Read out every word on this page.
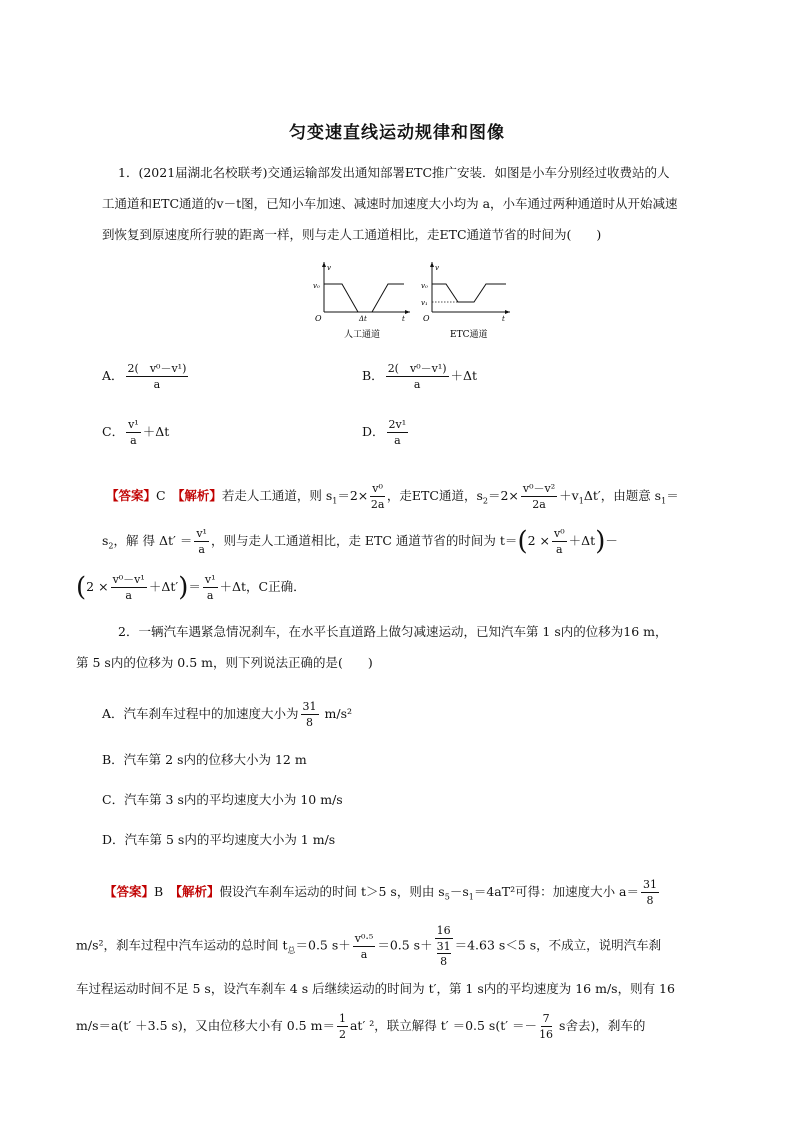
匀变速直线运动规律和图像
1．(2021届湖北名校联考)交通运输部发出通知部署ETC推广安装．如图是小车分别经过收费站的人
工通道和ETC通道的v－t图，已知小车加速、减速时加速度大小均为 a，小车通过两种通道时从开始减速
到恢复到原速度所行驶的距离一样，则与走人工通道相比，走ETC通道节省的时间为(　　)
v
v₀
O	Δt	t
人工通道
v
v₀
v₁
O	t
ETC通道
A． $\frac{\text{2(　v⁰－v¹)}}{a}$	B． $\frac{\text{2(　v⁰－v¹)}}{a} +\Delta t$
C． $\frac{\text{v¹}}{a} +\Delta t$	D． $\frac{\text{2v¹}}{a}$
【答案】C　 【解析】若走人工通道，则 $s_1=2\times \frac{\text{v⁰}}{2a}$ ，走ETC通道，$s_2=2\times \frac{\text{v⁰－v²}}{2a} +v_1\Delta t'$，由题意 $s_1=$
$s_2$，解 得 $\Delta t' = \frac{\text{v¹}}{a}$ ，则与走人工通道相比，走 ETC 通道节省的时间为 $t=(2 \times \frac{\text{v⁰}}{a} +\Delta t)-$
$(2 \times \frac{\text{v⁰－v¹}}{a} +\Delta t')= \frac{\text{v¹}}{a} +\Delta t$，C正确．
2．一辆汽车遇紧急情况刹车，在水平长直道路上做匀减速运动，已知汽车第 1 s内的位移为16 m，
第 5 s内的位移为 0.5 m，则下列说法正确的是(　　)
A．汽车刹车过程中的加速度大小为 $\frac{31}{8} m/s^2$
B．汽车第 2 s内的位移大小为 12 m
C．汽车第 3 s内的平均速度大小为 10 m/s
D．汽车第 5 s内的平均速度大小为 1 m/s
【答案】B　 【解析】假设汽车刹车运动的时间 t＞5 s，则由 $s_5-s_1=4aT^2$可得：加速度大小 $a= \frac{31}{8}$
m/s²，刹车过程中汽车运动的总时间 $t_总=0.5$ $s+ \frac{\text{v⁰·⁵}}{a} =0.5$ s＋
16
31
8
＝4.63 s＜5 s，不成立，说明汽车刹
车过程运动时间不足 5 s，设汽车刹车 4 s 后继续运动的时间为 t′，第 1 s内的平均速度为 16 m/s，则有 16
m/s＝a(t′ ＋3.5 s)，又由位移大小有 0.5 $m= \frac{1}{2} at'$ ²，联立解得 t′ ＝0.5 $s(t' =- \frac{7}{16}$ s舍去)，刹车的
